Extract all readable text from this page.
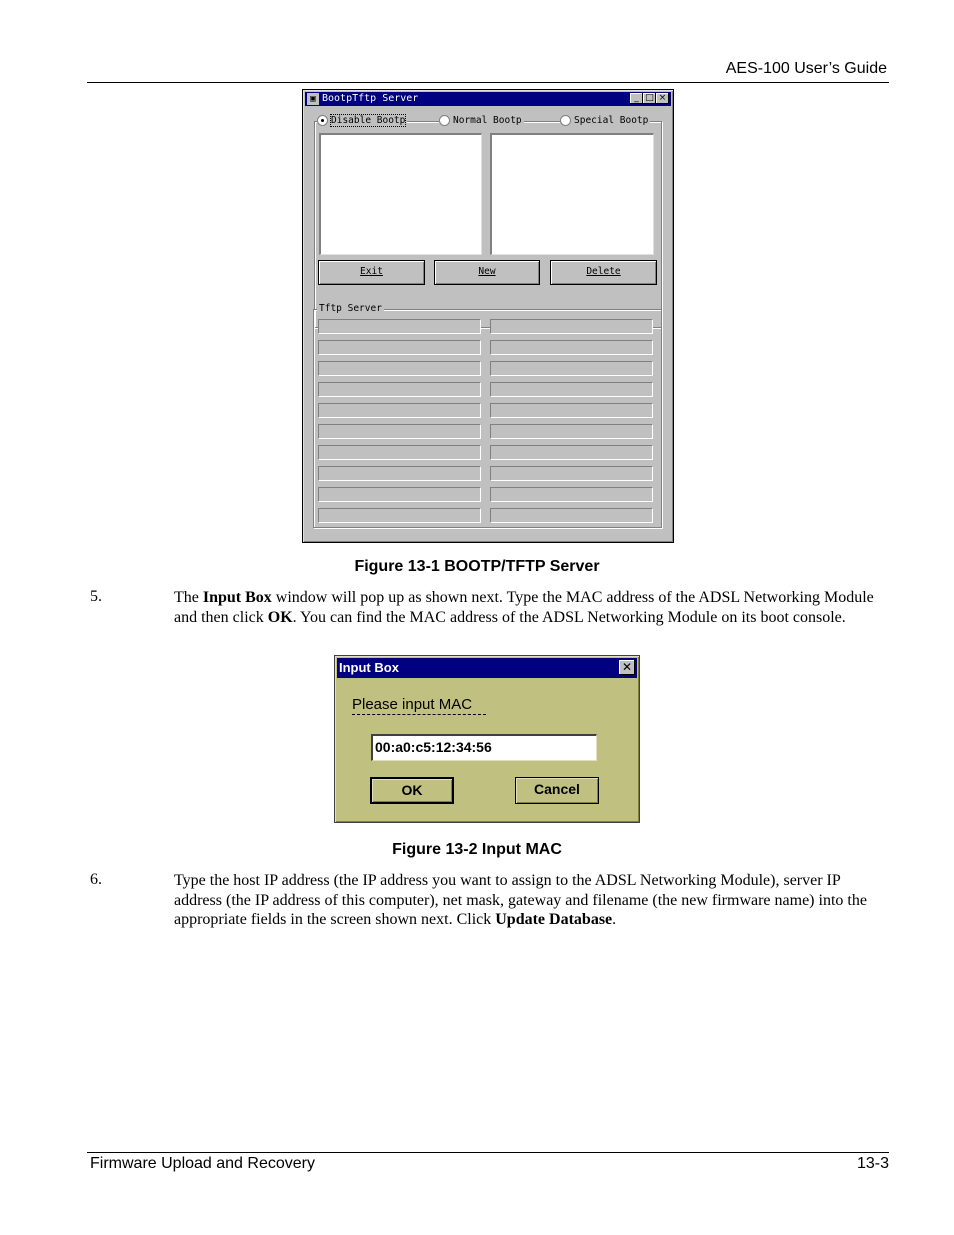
AES-100 User’s Guide
▣ BootpTftp Server	_ □ ×
Disable Bootp	Normal Bootp	Special Bootp
Exit	New	Delete
Tftp Server
Figure 13-1 BOOTP/TFTP Server
5.	The Input Box window will pop up as shown next. Type the MAC address of the ADSL Networking Module and then click OK. You can find the MAC address of the ADSL Networking Module on its boot console.
Input Box	✕
Please input MAC
00:a0:c5:12:34:56
OK	Cancel
Figure 13-2 Input MAC
6.	Type the host IP address (the IP address you want to assign to the ADSL Networking Module), server IP address (the IP address of this computer), net mask, gateway and filename (the new firmware name) into the appropriate fields in the screen shown next. Click Update Database.
Firmware Upload and Recovery	13-3
